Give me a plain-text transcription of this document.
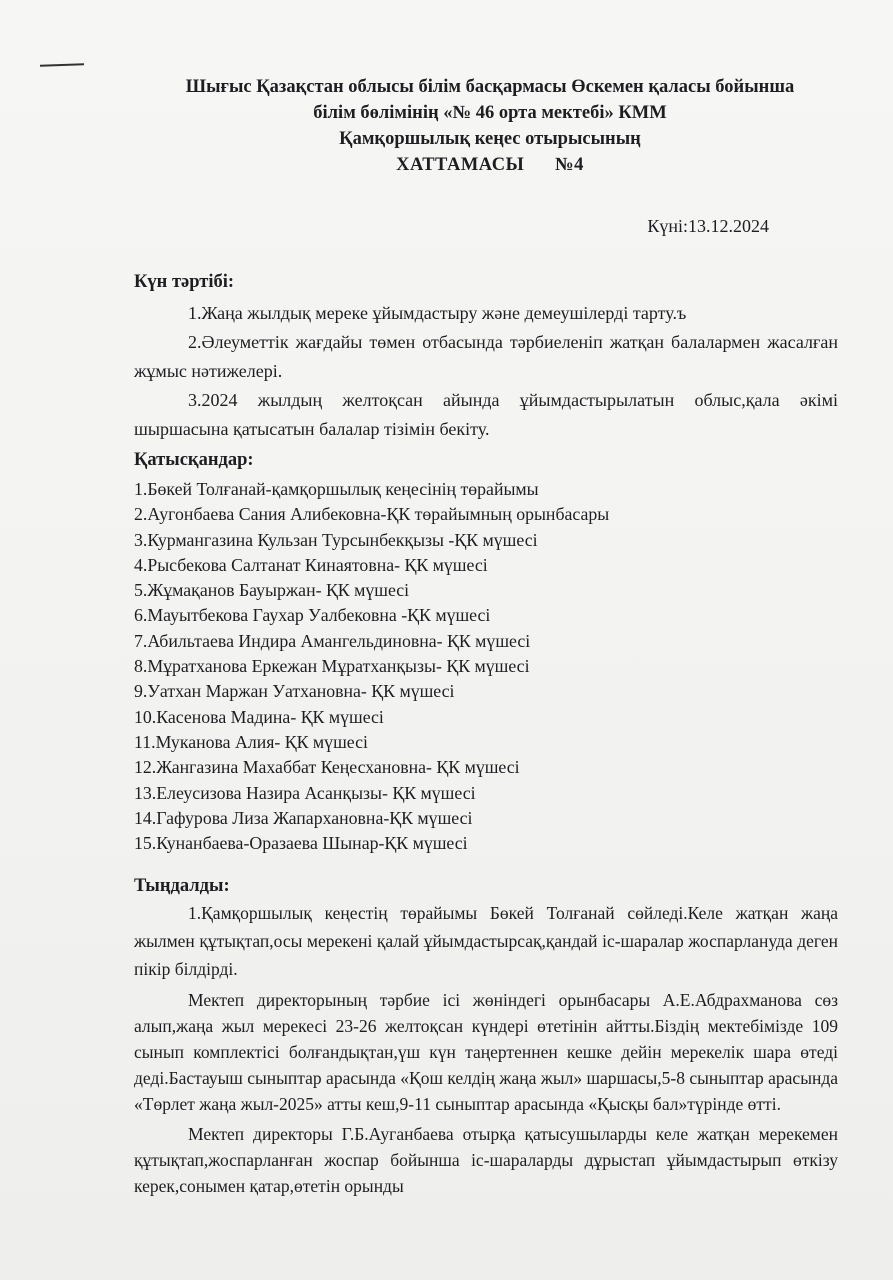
Шығыс Қазақстан облысы білім басқармасы Өскемен қаласы бойынша
білім бөлімінің «№ 46 орта мектебі» КММ
Қамқоршылық кеңес отырысының
ХАТТАМАСЫ      №4
Күні:13.12.2024
Күн тәртібі:

1.Жаңа жылдық мереке ұйымдастыру және демеушілерді тарту.ъ

2.Әлеуметтік жағдайы төмен отбасында тәрбиеленіп жатқан балалармен жасалған жұмыс нәтижелері.

3.2024 жылдың желтоқсан айында ұйымдастырылатын облыс,қала әкімі шыршасына қатысатын балалар тізімін бекіту.

Қатысқандар:
1.Бөкей Толғанай-қамқоршылық кеңесінің төрайымы
2.Аугонбаева Сания Алибековна-ҚК төрайымның орынбасары
3.Курмангазина Кульзан Турсынбекқызы -ҚК мүшесі
4.Рысбекова Салтанат Кинаятовна- ҚК мүшесі
5.Жұмақанов Бауыржан- ҚК мүшесі
6.Мауытбекова Гаухар Уалбековна -ҚК мүшесі
7.Абильтаева Индира Амангельдиновна- ҚК мүшесі
8.Мұратханова Еркежан Мұратханқызы- ҚК мүшесі
9.Уатхан Маржан Уатхановна- ҚК мүшесі
10.Касенова Мадина- ҚК мүшесі
11.Муканова Алия- ҚК мүшесі
12.Жангазина Махаббат Кеңесхановна- ҚК мүшесі
13.Елеусизова Назира Асанқызы- ҚК мүшесі
14.Гафурова Лиза Жапархановна-ҚК мүшесі
15.Кунанбаева-Оразаева Шынар-ҚК мүшесі
Тыңдалды:

1.Қамқоршылық кеңестің төрайымы Бөкей Толғанай сөйледі.Келе жатқан жаңа жылмен құтықтап,осы мерекені қалай ұйымдастырсақ,қандай іс-шаралар жоспарлануда деген пікір білдірді.

Мектеп директорының тәрбие ісі жөніндегі орынбасары А.Е.Абдрахманова сөз алып,жаңа жыл мерекесі 23-26 желтоқсан күндері өтетінін айтты.Біздің мектебімізде 109 сынып комплектісі болғандықтан,үш күн таңертеннен кешке дейін мерекелік шара өтеді деді.Бастауыш сыныптар арасында «Қош келдің жаңа жыл» шаршасы,5-8 сыныптар арасында «Төрлет жаңа жыл-2025» атты кеш,9-11 сыныптар арасында «Қысқы бал»түрінде өтті.

Мектеп директоры Г.Б.Ауганбаева отырқа қатысушыларды келе жатқан мерекемен құтықтап,жоспарланған жоспар бойынша іс-шараларды дұрыстап ұйымдастырып өткізу керек,сонымен қатар,өтетін орынды
